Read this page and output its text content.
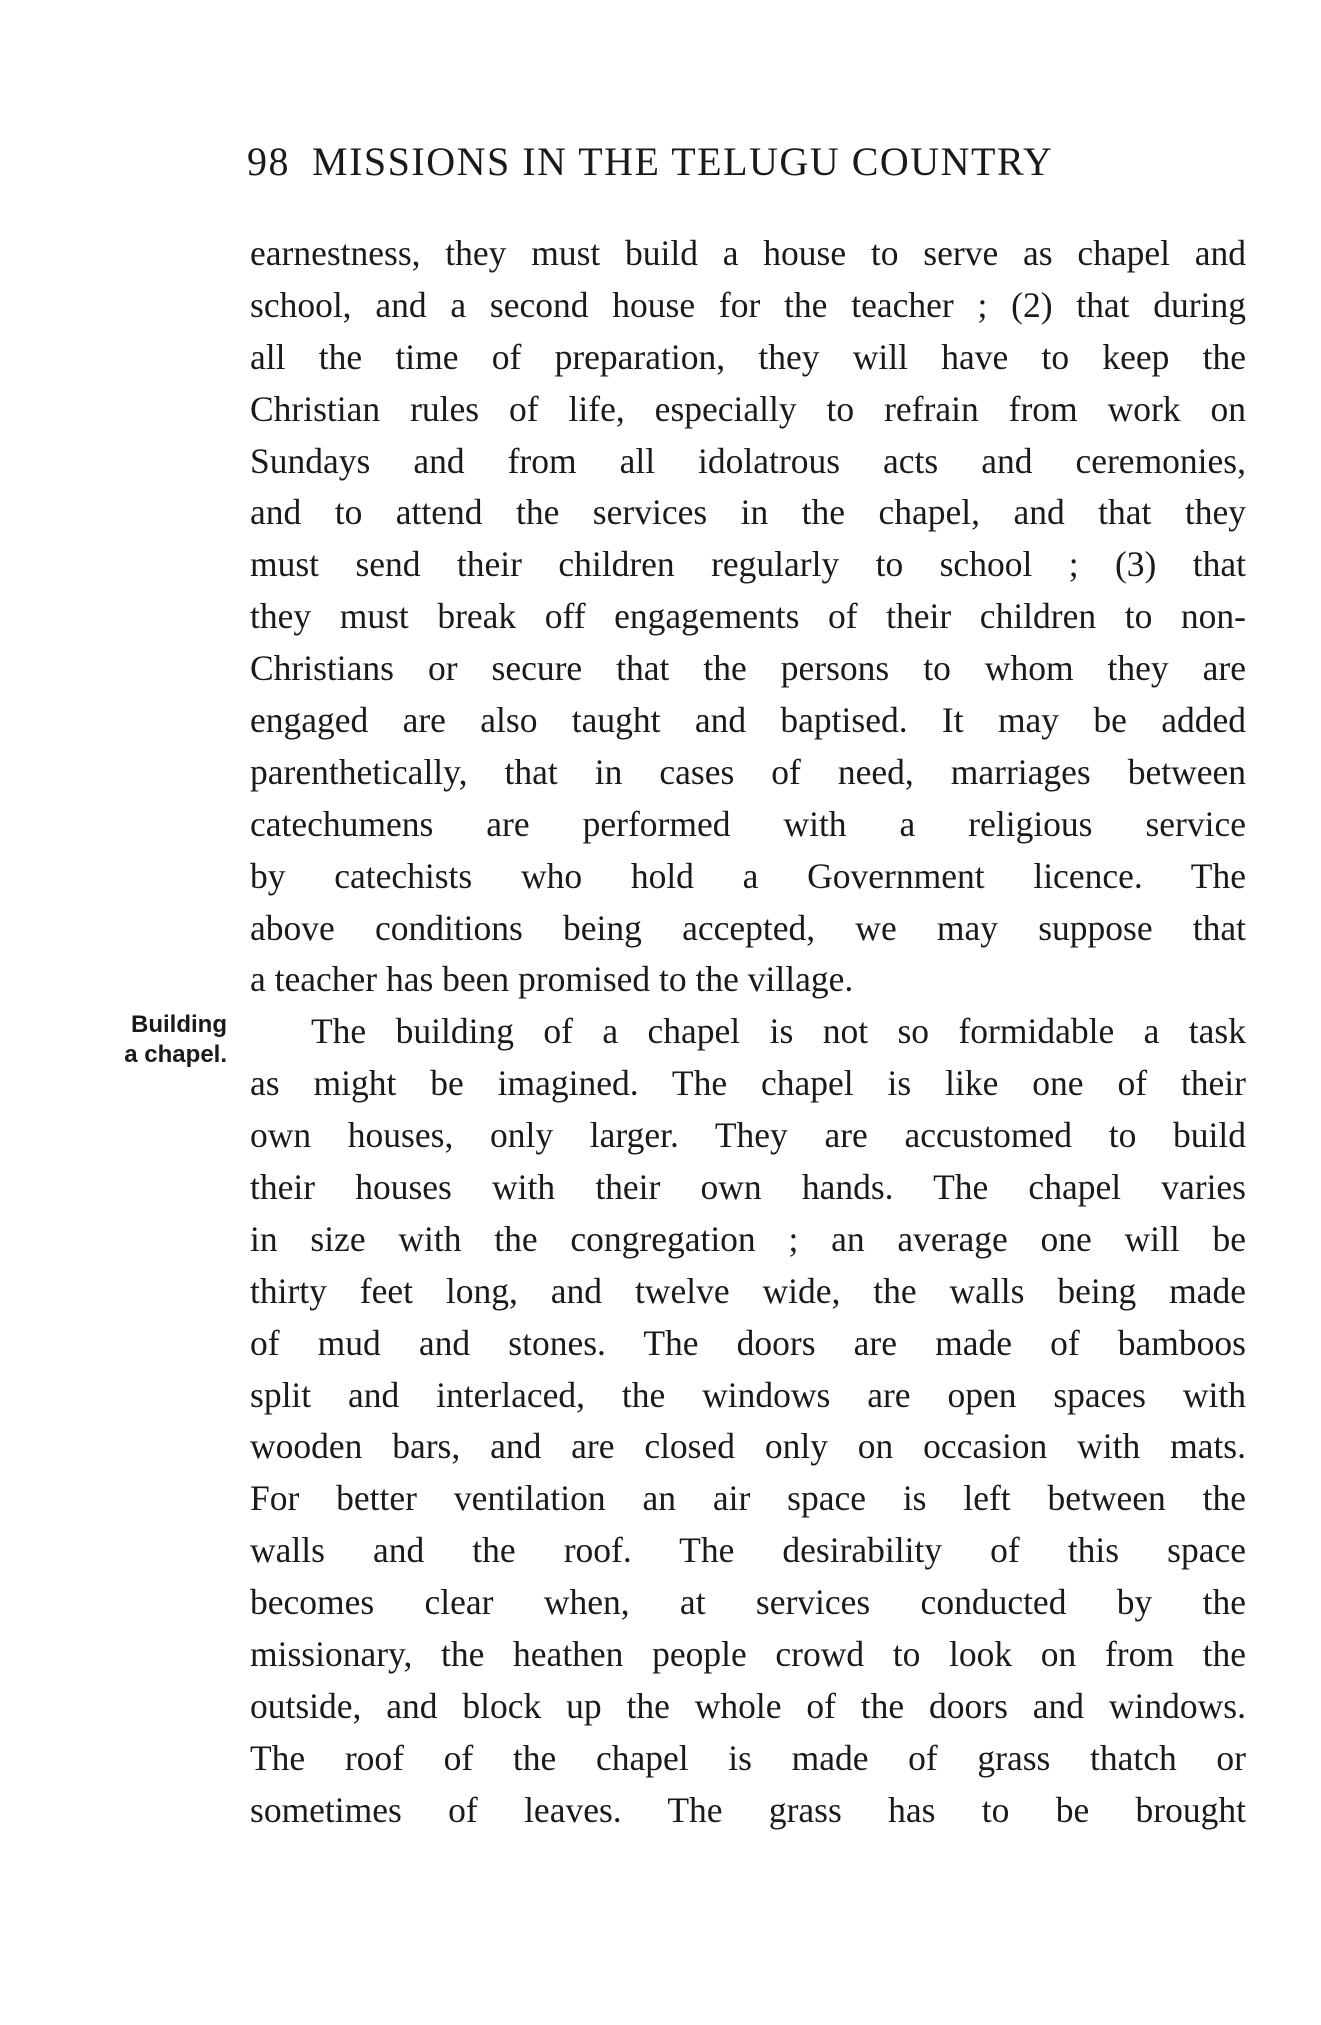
98 MISSIONS IN THE TELUGU COUNTRY
Building
a chapel.
earnestness, they must build a house to serve as chapel and
school, and a second house for the teacher ; (2) that during
all the time of preparation, they will have to keep the
Christian rules of life, especially to refrain from work on
Sundays and from all idolatrous acts and ceremonies,
and to attend the services in the chapel, and that they
must send their children regularly to school ; (3) that
they must break off engagements of their children to non-
Christians or secure that the persons to whom they are
engaged are also taught and baptised. It may be added
parenthetically, that in cases of need, marriages between
catechumens are performed with a religious service
by catechists who hold a Government licence. The
above conditions being accepted, we may suppose that
a teacher has been promised to the village.
The building of a chapel is not so formidable a task
as might be imagined. The chapel is like one of their
own houses, only larger. They are accustomed to build
their houses with their own hands. The chapel varies
in size with the congregation ; an average one will be
thirty feet long, and twelve wide, the walls being made
of mud and stones. The doors are made of bamboos
split and interlaced, the windows are open spaces with
wooden bars, and are closed only on occasion with mats.
For better ventilation an air space is left between the
walls and the roof. The desirability of this space
becomes clear when, at services conducted by the
missionary, the heathen people crowd to look on from the
outside, and block up the whole of the doors and windows.
The roof of the chapel is made of grass thatch or
sometimes of leaves. The grass has to be brought
